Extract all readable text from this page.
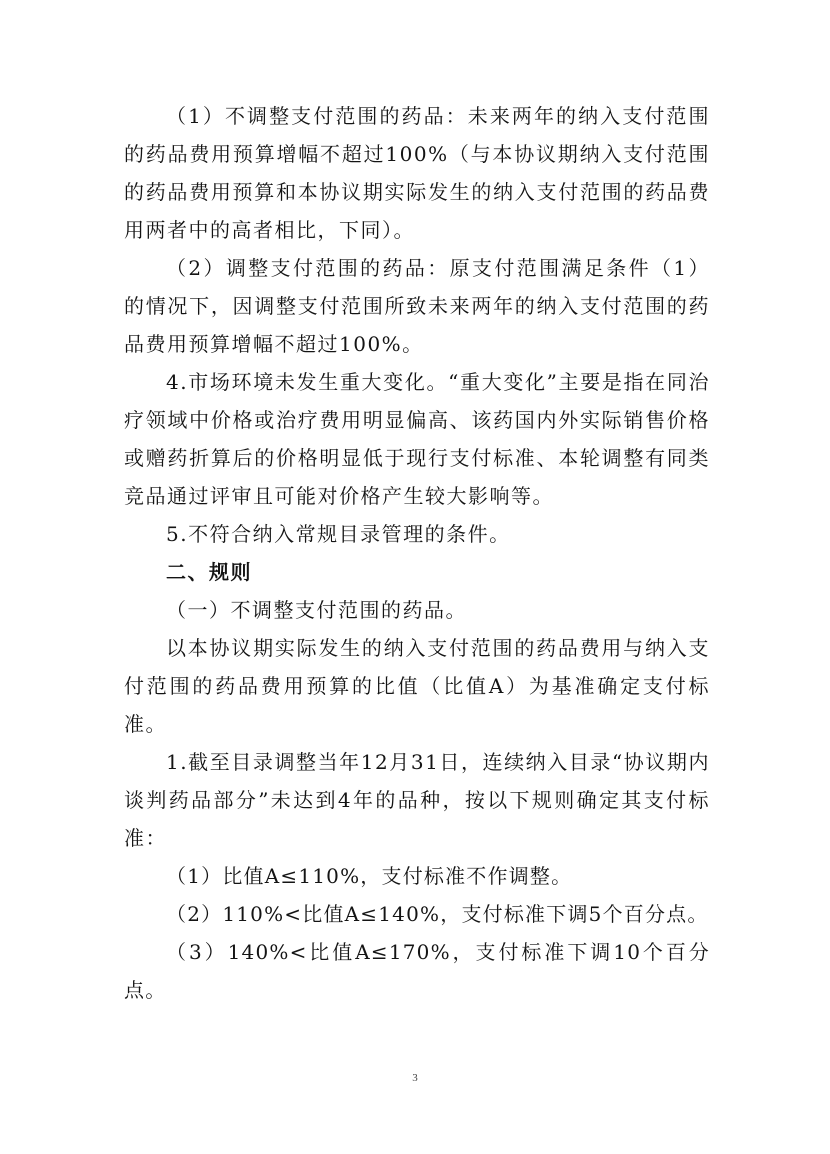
（1）不调整支付范围的药品：未来两年的纳入支付范围的药品费用预算增幅不超过100%（与本协议期纳入支付范围的药品费用预算和本协议期实际发生的纳入支付范围的药品费用两者中的高者相比，下同）。

（2）调整支付范围的药品：原支付范围满足条件（1）的情况下，因调整支付范围所致未来两年的纳入支付范围的药品费用预算增幅不超过100%。

4.市场环境未发生重大变化。“重大变化”主要是指在同治疗领域中价格或治疗费用明显偏高、该药国内外实际销售价格或赠药折算后的价格明显低于现行支付标准、本轮调整有同类竞品通过评审且可能对价格产生较大影响等。

5.不符合纳入常规目录管理的条件。

二、规则

（一）不调整支付范围的药品。

以本协议期实际发生的纳入支付范围的药品费用与纳入支付范围的药品费用预算的比值（比值A）为基准确定支付标准。

1.截至目录调整当年12月31日，连续纳入目录“协议期内谈判药品部分”未达到4年的品种，按以下规则确定其支付标准：

（1）比值A≤110%，支付标准不作调整。

（2）110%<比值A≤140%，支付标准下调5个百分点。

（3）140%<比值A≤170%，支付标准下调10个百分点。

3
